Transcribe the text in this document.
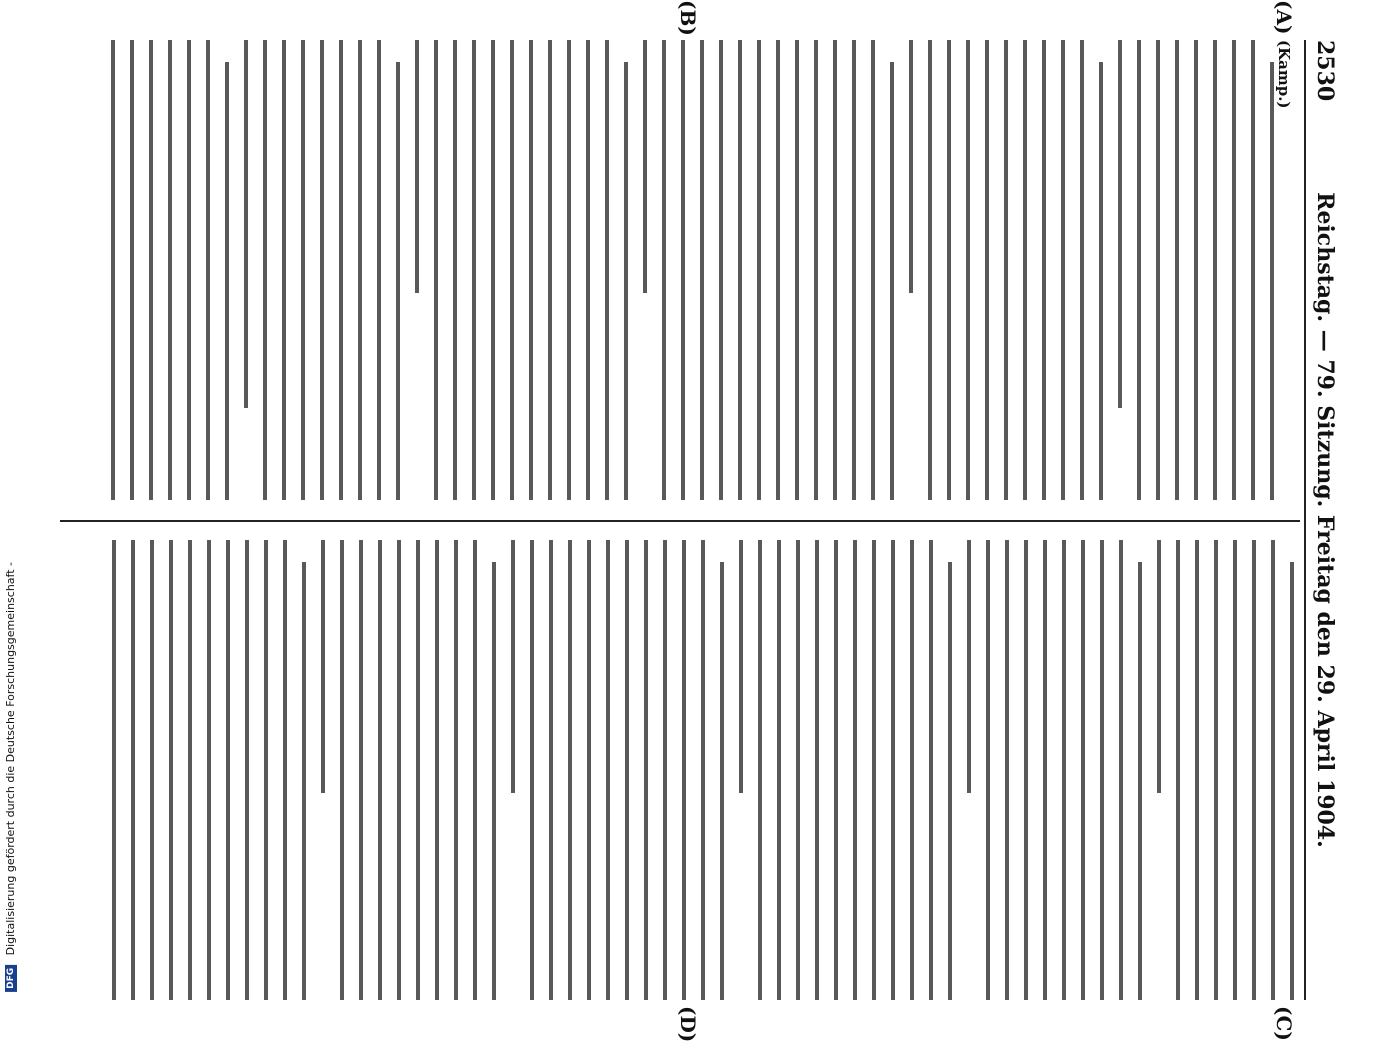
2530
Reichstag. — 79. Sitzung. Freitag den 29. April 1904.
(Kamp.)
(A)
(B)
(C)
(D)
DFG Digitalisierung gefördert durch die Deutsche Forschungsgemeinschaft -
